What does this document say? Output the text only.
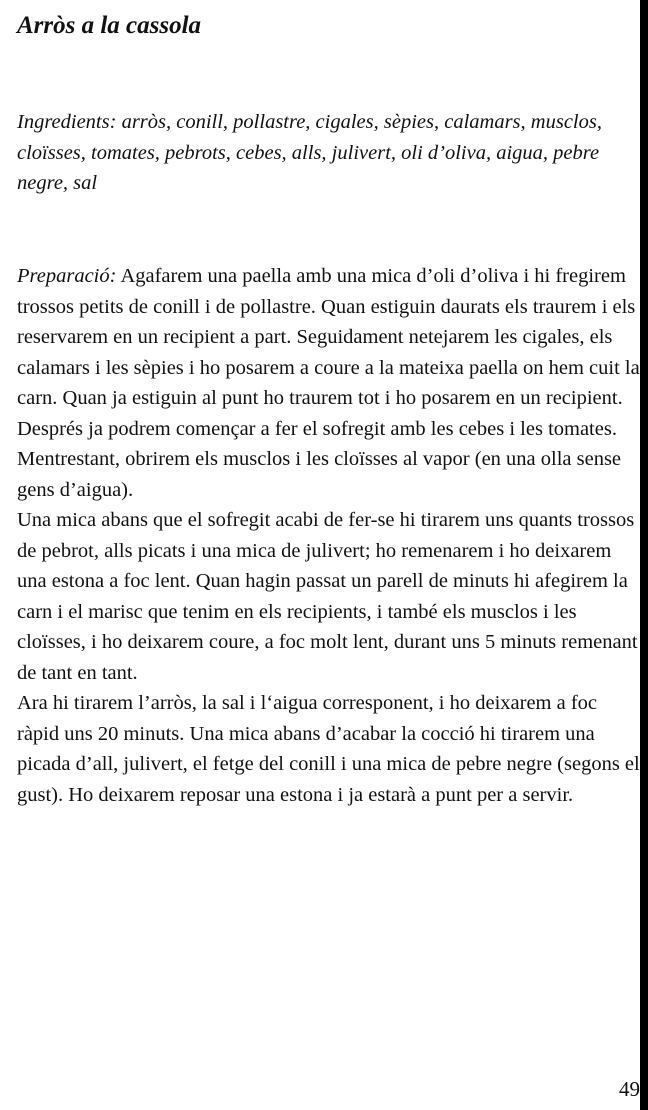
Arròs a la cassola

Ingredients: arròs, conill, pollastre, cigales, sèpies, calamars, musclos, cloïsses, tomates, pebrots, cebes, alls, julivert, oli d’oliva, aigua, pebre negre, sal

Preparació: Agafarem una paella amb una mica d’oli d’oliva i hi fregirem trossos petits de conill i de pollastre. Quan estiguin daurats els traurem i els reservarem en un recipient a part. Seguidament netejarem les cigales, els calamars i les sèpies i ho posarem a coure a la mateixa paella on hem cuit la carn. Quan ja estiguin al punt ho traurem tot i ho posarem en un recipient. Després ja podrem començar a fer el sofregit amb les cebes i les tomates. Mentrestant, obrirem els musclos i les cloïsses al vapor (en una olla sense gens d’aigua).

Una mica abans que el sofregit acabi de fer-se hi tirarem uns quants trossos de pebrot, alls picats i una mica de julivert; ho remenarem i ho deixarem una estona a foc lent. Quan hagin passat un parell de minuts hi afegirem la carn i el marisc que tenim en els recipients, i també els musclos i les cloïsses, i ho deixarem coure, a foc molt lent, durant uns 5 minuts remenant de tant en tant.

Ara hi tirarem l’arròs, la sal i l‘aigua corresponent, i ho deixarem a foc ràpid uns 20 minuts. Una mica abans d’acabar la cocció hi tirarem una picada d’all, julivert, el fetge del conill i una mica de pebre negre (segons el gust). Ho deixarem reposar una estona i ja estarà a punt per a servir.

49
